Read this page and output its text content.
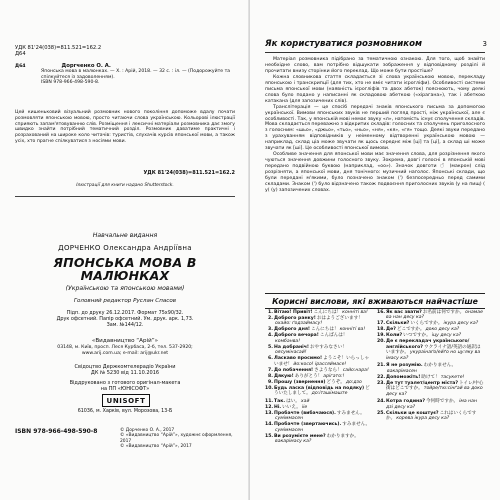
УДК 81'24(038)=811.521=162.2
Д64
Д64	Доргченко О. А.
Японська мова в малюнках. — Х. : Арій, 2018. — 32 с. : іл. — (Подорожуйте та спілкуйтеся із задоволенням).
ISBN 978-966-498-590-8.
Цей кишеньковий візуальний розмовник нового покоління допоможе вдалу почати розмовляти японською мовою, просто читаючи слова українською. Кольорові ілюстрації сприяють запам'ятовуванню слів. Розміщення і лексичні матеріали розмовника дає змогу швидко знайти потрібний тематичний розділ. Розмовник даватиме практичні і розрахований на широке коло читачів: туристів, слухачів курсів японської мови, а також усіх, хто прагне спілкуватися з носіями мови.
УДК 81'24(038)=811.521=162.2
Ілюстрації для книги надано Shutterstock.
Навчальне видання
ДОРЧЕНКО Олександра Андріївна
ЯПОНСЬКА МОВА В МАЛЮНКАХ
(Українською та японською мовами)
Головний редактор Руслан Спасов
Підп. до друку 26.12.2017. Формат 75x90/32.
Друк офсетний. Папір офсетний. Ум. друк. арк. 1,73.
Зам. №144/12.
«Видавництво “Арій”»
03148, м. Київ, просп. Леся Курбаса, 2-б, тел. 537-2920;
www.arij.com.ua; e-mail: arij@ukr.net
Свідоцтво Держкомтелерадіо України
ДК № 5230 від 11.10.2016
Віддруковано з готового оригінал-макета
на ПП «ЮНІСОФТ»
UNISOFT
61036, м. Харків, вул. Морозова, 13-Б
ISBN 978-966-498-590-8	© Дорченко О. А., 2017
© «Видавництво “Арій”», художнє оформлення, 2017
© «Видавництво “Арій”», 2017
Як користуватися розмовником	3

Матеріал розмовника підібрано за тематичною ознакою. Для того, щоб знайти необхідне слово, вам потрібно відшукати зображення у відповідному розділі й прочитати внизу сторінки його переклад. Що може бути простіше?

Кожна словникова стаття складається зі слова українською мовою, перекладу японською і транскрипції (для тих, хто не вміє читати ієрогліфи). Особливості системи письма японської мови (наявність ієрогліфів та двох абеток) пояснюють, чому деякі слова було подано у написанні як складовою абеткою («хірагана»), так і абеткою катакана (для запозичених слів).

Транслітерація — це спосіб передачі знаків японського письма за допомогою української. Вимови японських звуків не перший погляд прості, ніж української, але є особливості. Так, у японській мові немає звуку «л», натомість існує сполучення складів. Мова складається переважно з відкритих складів: голосних та сполучень приголосного з голосним: «шьо», «джьо», «тьо», «ньо», «ня», «кя», «гя» тощо. Деякі звуки передано з урахуванням відповідників у неіменному відтворенні українською мовою — наприклад, склад ціа може звучати як щось середнє між [ці] та [ці], а склад ші може звучати як [ші]. Це особливості японської вимови.

Особливе значення для японської мови має значення слова, для розрізнення якого чуються значення довжини голосного звуку. Зокрема, довгі голосні в японській мові передано подвійною буквою (наприклад, «оо»). Значок довготи ◌̄ (макрон) слід розрізняти, а японської мови, дня тонічного: музичний наголос. Японські склади, що були передані м'якими, було позначено знаком (') безпосередньо перед самими складами. Знаком (') було відзначено також подвоєння приголосних звуків (у на пищ) ( y( (у) запозичених словах.

Корисні вислови, які вживаються найчастіше
1. Вітаю! Привіт!こんにちは！конніті ва!
2. Доброго ранку!おはようございます！охайо: ґодзаймасу!
3. Доброго дня!こんにちは！конніті ва!
4. Доброго вечора!こんばんは！комбанва!
5. На добраніч!おやすみなさい！оясумінасай!
6. Ласкаво просимо!ようこそ！いらっしゃいませ！йо:косо! ірассяймасе!
7. До побачення!さようなら！сайо:нара!
8. Дякую!ありがとう！арігато:!
9. Прошу (звернення)どうぞ。до:дзо
10. Будь ласка (відповідь на подяку)どういたしまして。до:іташімаште
11. Так.はい。хай
12. Ні.いいえ。ііе
13. Пробачте (вибачаюся).すみません。суміммасен
14. Пробачте (звертаючись).すみません。суміммасен
15. Ви розумієте мене?わかりますか。вакарімасу ка?
16. Як вас звати?お名前は何ですか。онамае ва нан десу ка?
17. Скільки?いくらですか。ікура десу ка?
18. Де?どこですか。доко десу ка?
19. Коли?いつですか。іцу десу ка?
20. Де є перекладач українського/англійського?ウクライナ語/英語の通訳はいますか。укураінаґо/ейґо но цу:яку ва імасу ка?
21. Я не розумію.わかりません。вакарімасен
22. Допоможіть!助けて！тасукете!
23. Де тут туалет/центр міста?トイレ/中心街はどこですか。тойре/тю:сінґай ва доко десу ка?
24. Котра година?今何時ですか。іма нан дзі десу ка?
25. Скільки це коштує?これはいくらですか。корева ікура десу ка?
